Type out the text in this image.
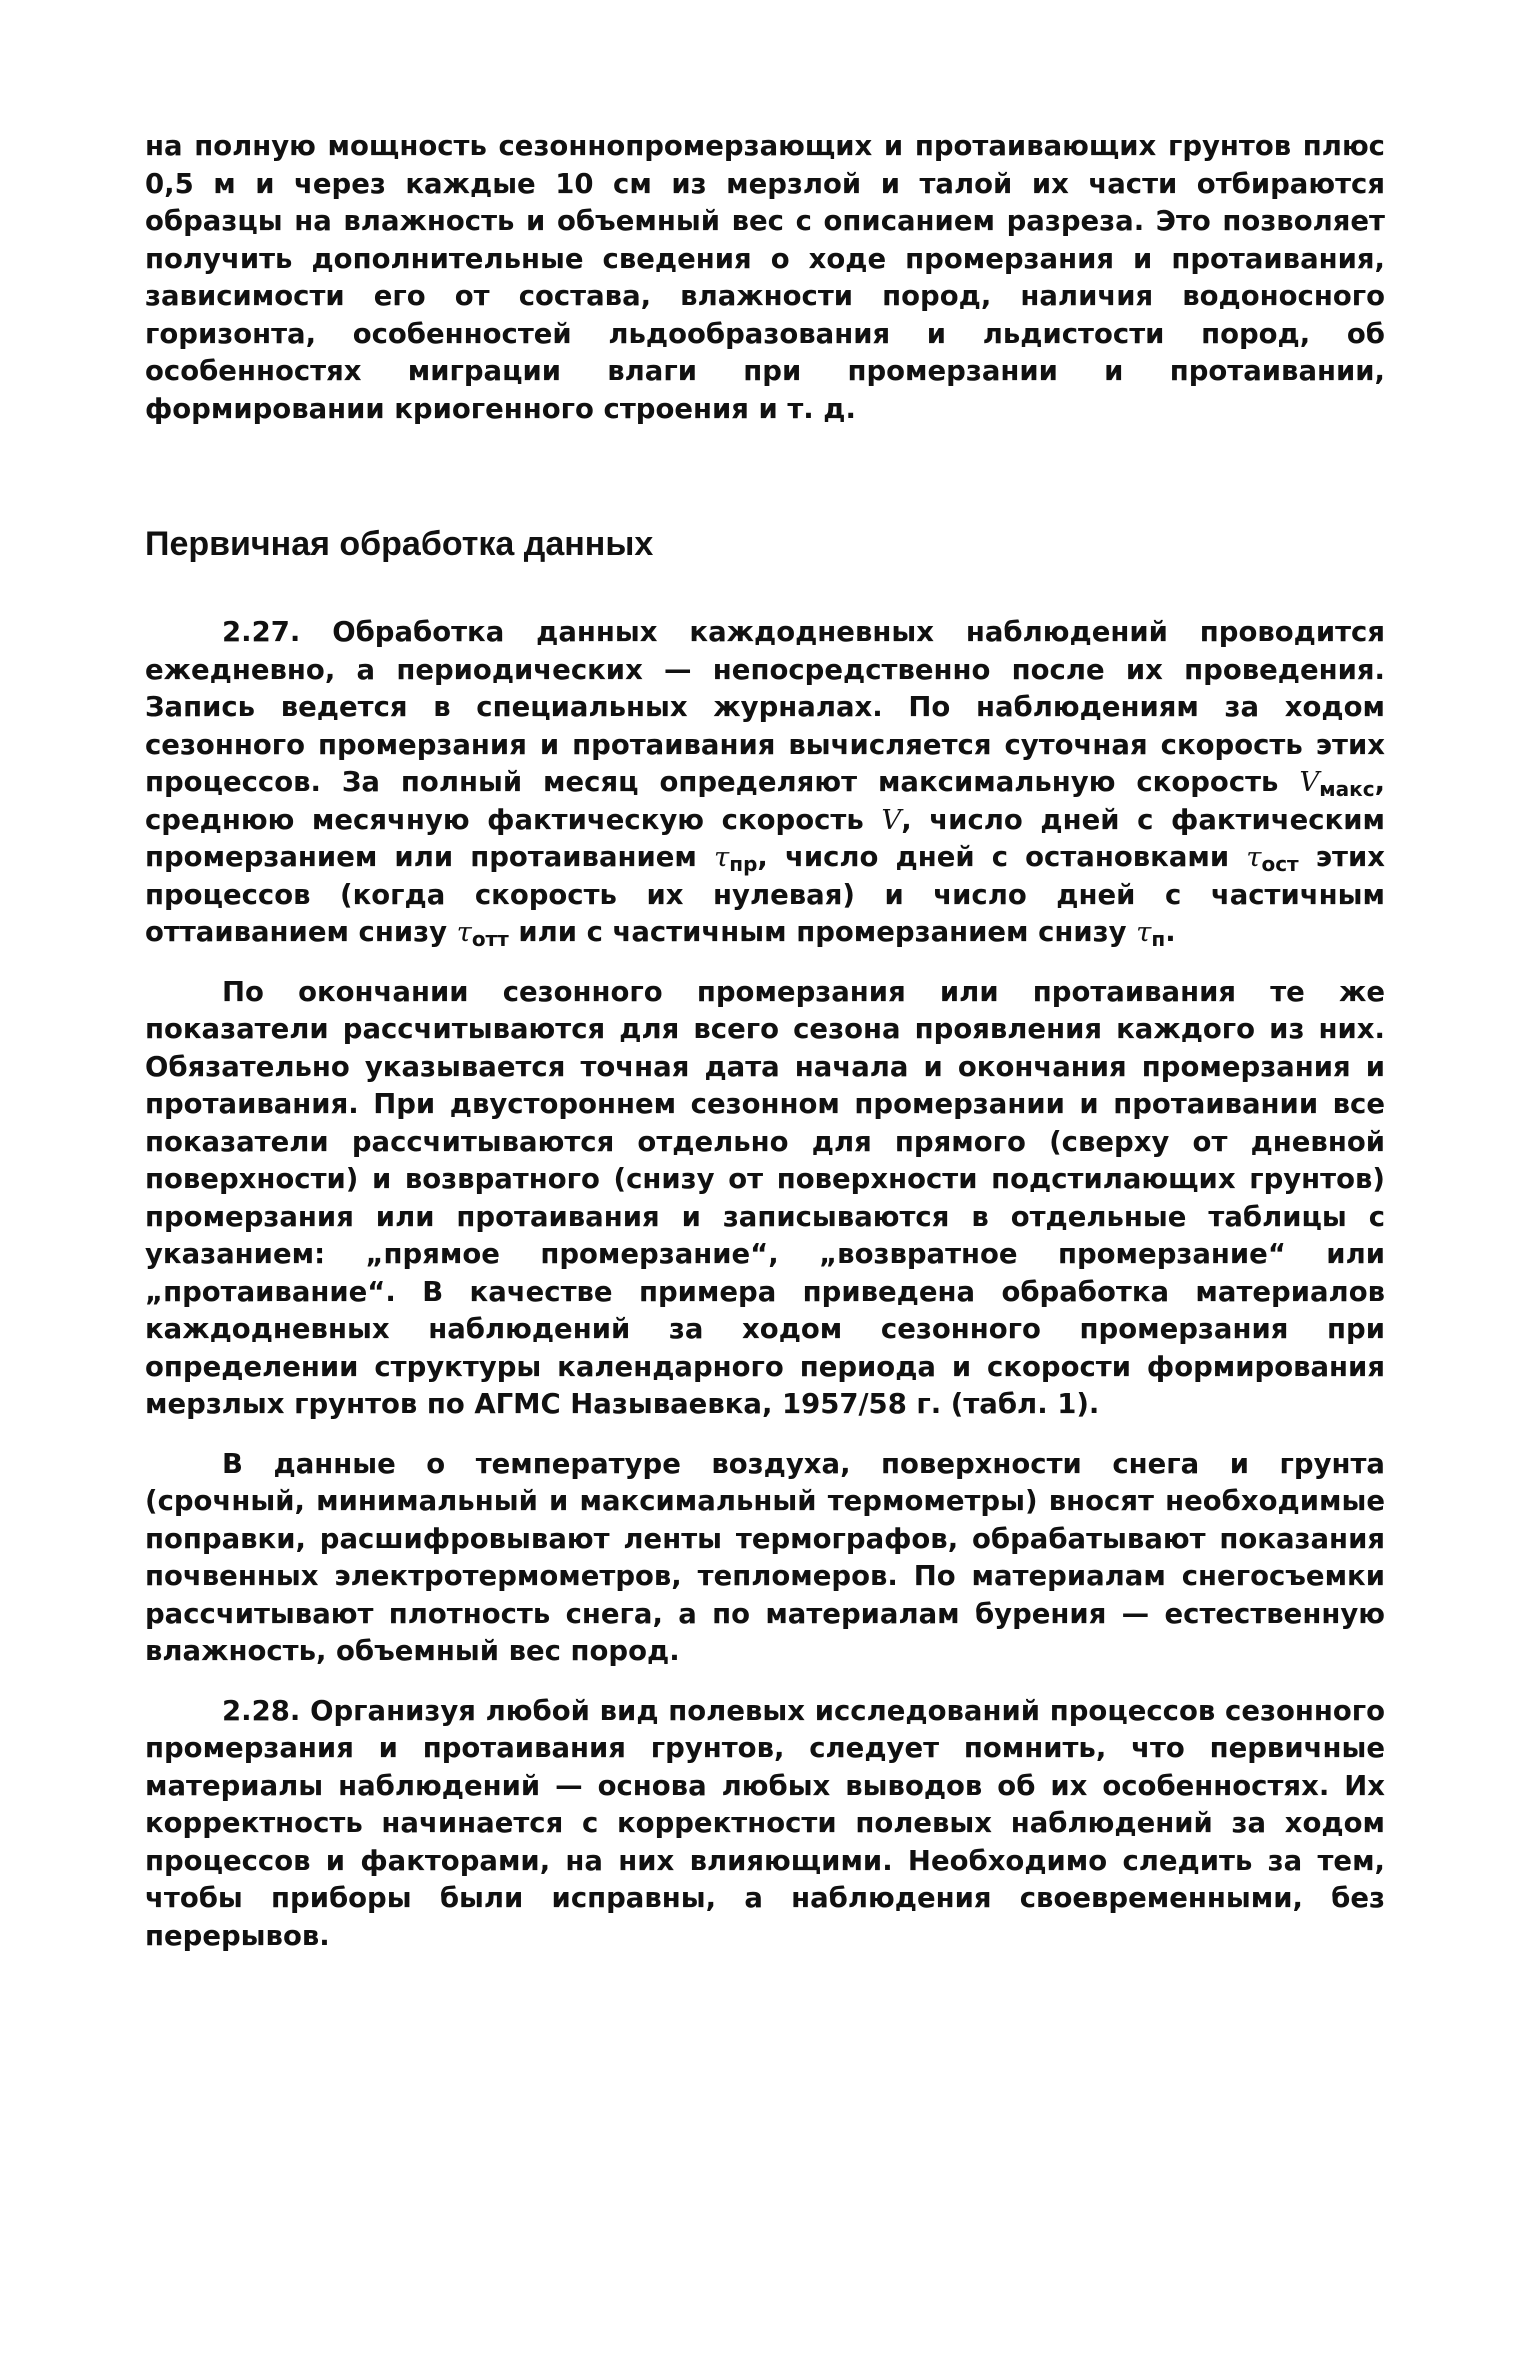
на полную мощность сезоннопромерзающих и протаивающих грунтов плюс 0,5 м и через каждые 10 см из мерзлой и талой их части отбираются образцы на влажность и объемный вес с описанием разреза. Это позволяет получить дополнительные сведения о ходе промерзания и протаивания, зависимости его от состава, влажности пород, наличия водоносного горизонта, особенностей льдообразования и льдистости пород, об особенностях миграции влаги при промерзании и протаивании, формировании криогенного строения и т. д.

Первичная обработка данных

2.27. Обработка данных каждодневных наблюдений проводится ежедневно, а периодических — непосредственно после их проведения. Запись ведется в специальных журналах. По наблюдениям за ходом сезонного промерзания и протаивания вычисляется суточная скорость этих процессов. За полный месяц определяют максимальную скорость $V_{макс}$, среднюю месячную фактическую скорость V, число дней с фактическим промерзанием или протаиванием $\tau_{пр}$, число дней с остановками $\tau_{ост}$ этих процессов (когда скорость их нулевая) и число дней с частичным оттаиванием снизу $\tau_{отт}$ или с частичным промерзанием снизу $\tau_п$.

По окончании сезонного промерзания или протаивания те же показатели рассчитываются для всего сезона проявления каждого из них. Обязательно указывается точная дата начала и окончания промерзания и протаивания. При двустороннем сезонном промерзании и протаивании все показатели рассчитываются отдельно для прямого (сверху от дневной поверхности) и возвратного (снизу от поверхности подстилающих грунтов) промерзания или протаивания и записываются в отдельные таблицы с указанием: „прямое промерзание“, „возвратное промерзание“ или „протаивание“. В качестве примера приведена обработка материалов каждодневных наблюдений за ходом сезонного промерзания при определении структуры календарного периода и скорости формирования мерзлых грунтов по АГМС Называевка, 1957/58 г. (табл. 1).

В данные о температуре воздуха, поверхности снега и грунта (срочный, минимальный и максимальный термометры) вносят необходимые поправки, расшифровывают ленты термографов, обрабатывают показания почвенных электротермометров, тепломеров. По материалам снегосъемки рассчитывают плотность снега, а по материалам бурения — естественную влажность, объемный вес пород.

2.28. Организуя любой вид полевых исследований процессов сезонного промерзания и протаивания грунтов, следует помнить, что первичные материалы наблюдений — основа любых выводов об их особенностях. Их корректность начинается с корректности полевых наблюдений за ходом процессов и факторами, на них влияющими. Необходимо следить за тем, чтобы приборы были исправны, а наблюдения своевременными, без перерывов.
